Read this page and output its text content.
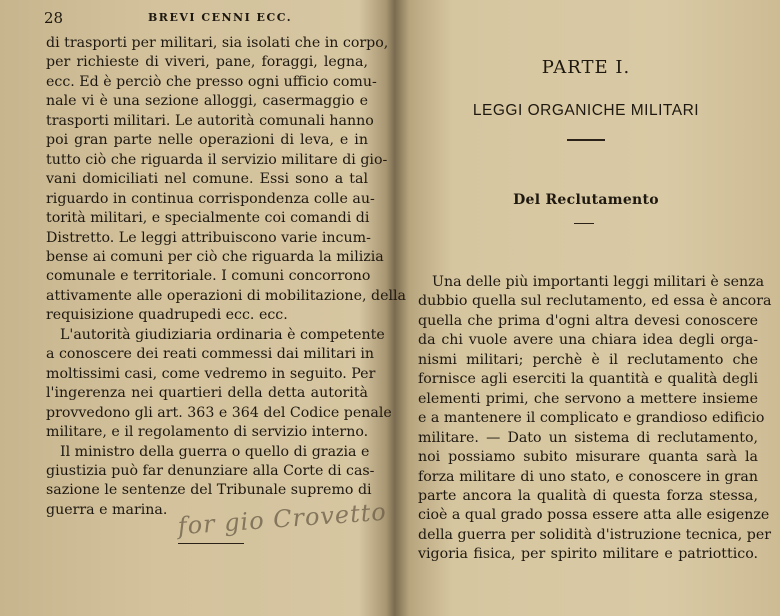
28	BREVI CENNI ECC.
di trasporti per militari, sia isolati che in corpo,
per richieste di viveri, pane, foraggi, legna,
ecc. Ed è perciò che presso ogni ufficio comu-
nale vi è una sezione alloggi, casermaggio e
trasporti militari. Le autorità comunali hanno
poi gran parte nelle operazioni di leva, e in
tutto ciò che riguarda il servizio militare di gio-
vani domiciliati nel comune. Essi sono a tal
riguardo in continua corrispondenza colle au-
torità militari, e specialmente coi comandi di
Distretto. Le leggi attribuiscono varie incum-
bense ai comuni per ciò che riguarda la milizia
comunale e territoriale. I comuni concorrono
attivamente alle operazioni di mobilitazione, della
requisizione quadrupedi ecc. ecc.
L'autorità giudiziaria ordinaria è competente
a conoscere dei reati commessi dai militari in
moltissimi casi, come vedremo in seguito. Per
l'ingerenza nei quartieri della detta autorità
provvedono gli art. 363 e 364 del Codice penale
militare, e il regolamento di servizio interno.
Il ministro della guerra o quello di grazia e
giustizia può far denunziare alla Corte di cas-
sazione le sentenze del Tribunale supremo di
guerra e marina. for gio Crovetto
PARTE I.
LEGGI ORGANICHE MILITARI
Del Reclutamento
Una delle più importanti leggi militari è senza
dubbio quella sul reclutamento, ed essa è ancora
quella che prima d'ogni altra devesi conoscere
da chi vuole avere una chiara idea degli orga-
nismi militari; perchè è il reclutamento che
fornisce agli eserciti la quantità e qualità degli
elementi primi, che servono a mettere insieme
e a mantenere il complicato e grandioso edificio
militare. — Dato un sistema di reclutamento,
noi possiamo subito misurare quanta sarà la
forza militare di uno stato, e conoscere in gran
parte ancora la qualità di questa forza stessa,
cioè a qual grado possa essere atta alle esigenze
della guerra per solidità d'istruzione tecnica, per
vigoria fisica, per spirito militare e patriottico.
